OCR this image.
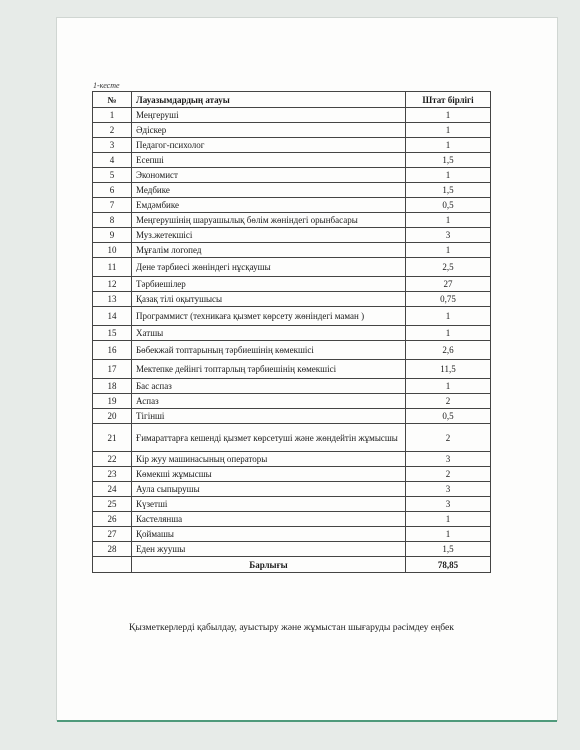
1-кесте
№	Лауазымдардың атауы	Штат бірлігі
1	Меңгеруші	1
2	Әдіскер	1
3	Педагог-психолог	1
4	Есепші	1,5
5	Экономист	1
6	Медбике	1,5
7	Емдәмбике	0,5
8	Меңгерушінің шаруашылық бөлім жөніндегі орынбасары	1
9	Муз.жетекшісі	3
10	Мұғалім логопед	1
11	Дене тәрбиесі жөніндегі нұсқаушы	2,5
12	Тәрбиешілер	27
13	Қазақ тілі оқытушысы	0,75
14	Программист (техникаға қызмет көрсету жөніндегі маман )	1
15	Хатшы	1
16	Бөбекжай топтарының тәрбиешінің көмекшісі	2,6
17	Мектепке дейінгі топтарлың тәрбиешінің көмекшісі	11,5
18	Бас аспаз	1
19	Аспаз	2
20	Тігінші	0,5
21	Ғимараттарға кешенді қызмет көрсетуші және жөндейтін жұмысшы	2
22	Кір жуу машинасының операторы	3
23	Көмекші жұмысшы	2
24	Аула сыпырушы	3
25	Күзетші	3
26	Кастелянша	1
27	Қоймашы	1
28	Еден жуушы	1,5
	Барлығы	78,85
Қызметкерлерді қабылдау, ауыстыру және жұмыстан шығаруды рәсімдеу еңбек
